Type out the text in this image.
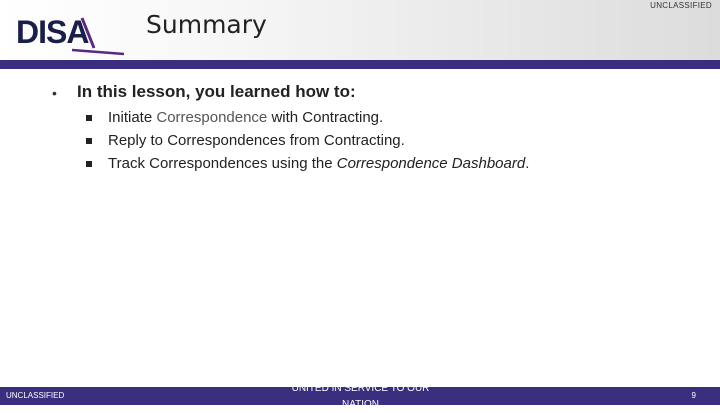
DISA Summary
UNCLASSIFIED
• In this lesson, you learned how to:
Initiate Correspondence with Contracting.
Reply to Correspondences from Contracting.
Track Correspondences using the Correspondence Dashboard.
UNCLASSIFIED
UNITED IN SERVICE TO OUR NATION
9
